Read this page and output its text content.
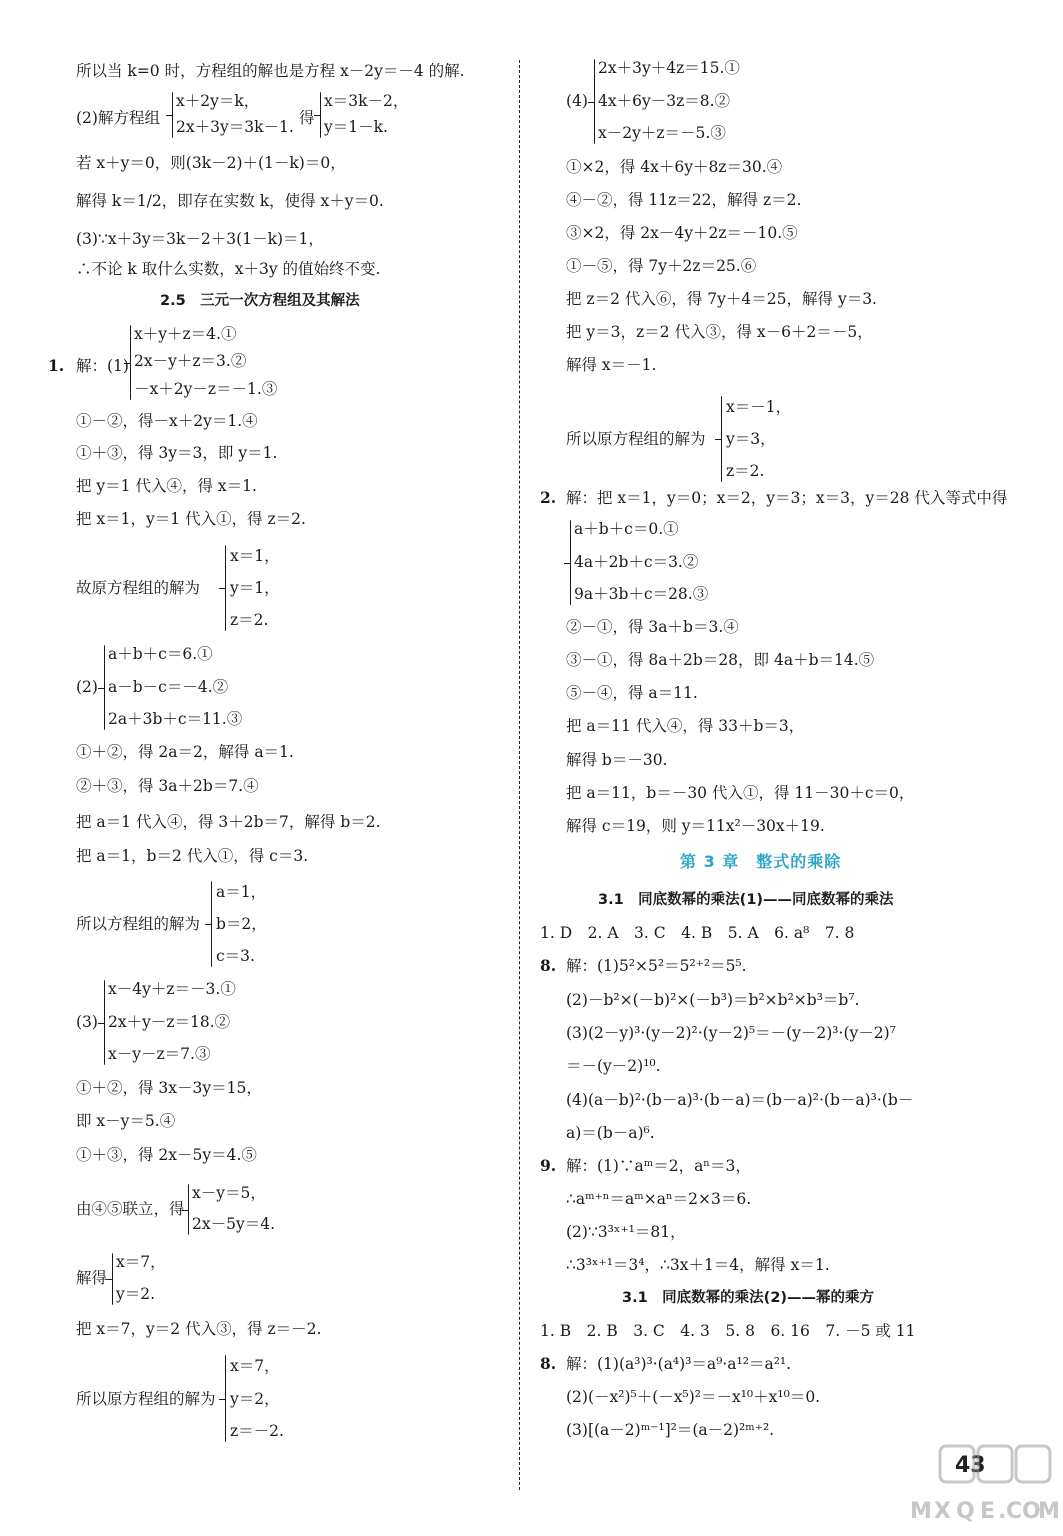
所以当 k=0 时，方程组的解也是方程 x－2y＝－4 的解.
(2)解方程组
x＋2y＝k，
2x＋3y＝3k－1. 得
x＝3k－2，
y＝1－k.
若 x＋y＝0，则(3k－2)＋(1－k)＝0，
解得 k＝1/2，即存在实数 k，使得 x＋y＝0.
(3)∵x＋3y＝3k－2＋3(1－k)＝1，
∴不论 k 取什么实数，x＋3y 的值始终不变.
2.5　三元一次方程组及其解法
1. 解：(1)
x＋y＋z＝4.①
2x－y＋z＝3.②
－x＋2y－z＝－1.③
①－②，得－x＋2y＝1.④
①＋③，得 3y＝3，即 y＝1.
把 y＝1 代入④，得 x＝1.
把 x＝1，y＝1 代入①，得 z＝2.
x＝1，
故原方程组的解为 y＝1，
z＝2.
a＋b＋c＝6.①
(2) a－b－c＝－4.②
2a＋3b＋c＝11.③
①＋②，得 2a＝2，解得 a＝1.
②＋③，得 3a＋2b＝7.④
把 a＝1 代入④，得 3＋2b＝7，解得 b＝2.
把 a＝1，b＝2 代入①，得 c＝3.
a＝1，
所以方程组的解为 b＝2，
c＝3.
x－4y＋z＝－3.①
(3) 2x＋y－z＝18.②
x－y－z＝7.③
①＋②，得 3x－3y＝15，
即 x－y＝5.④
①＋③，得 2x－5y＝4.⑤
x－y＝5，
由④⑤联立，得
2x－5y＝4.
x＝7，
解得
y＝2.
把 x＝7，y＝2 代入③，得 z＝－2.
x＝7，
所以原方程组的解为 y＝2，
z＝－2.
2x＋3y＋4z＝15.①
(4) 4x＋6y－3z＝8.②
x－2y＋z＝－5.③
①×2，得 4x＋6y＋8z＝30.④
④－②，得 11z＝22，解得 z＝2.
③×2，得 2x－4y＋2z＝－10.⑤
①－⑤，得 7y＋2z＝25.⑥
把 z＝2 代入⑥，得 7y＋4＝25，解得 y＝3.
把 y＝3，z＝2 代入③，得 x－6＋2＝－5，
解得 x＝－1.
x＝－1，
所以原方程组的解为 y＝3，
z＝2.
2. 解：把 x＝1，y＝0；x＝2，y＝3；x＝3，y＝28 代入等式中得
a＋b＋c＝0.①
4a＋2b＋c＝3.②
9a＋3b＋c＝28.③
②－①，得 3a＋b＝3.④
③－①，得 8a＋2b＝28，即 4a＋b＝14.⑤
⑤－④，得 a＝11.
把 a＝11 代入④，得 33＋b＝3，
解得 b＝－30.
把 a＝11，b＝－30 代入①，得 11－30＋c＝0，
解得 c＝19，则 y＝11x²－30x＋19.
第 3 章　整式的乘除
3.1　同底数幂的乘法(1)——同底数幂的乘法
1. D　2. A　3. C　4. B　5. A　6. a⁸　7. 8
8. 解：(1)5²×5²＝5²⁺²＝5⁵.
(2)－b²×(－b)²×(－b³)＝b²×b²×b³＝b⁷.
(3)(2－y)³·(y－2)²·(y－2)⁵＝－(y－2)³·(y－2)⁷
＝－(y－2)¹⁰.
(4)(a－b)²·(b－a)³·(b－a)＝(b－a)²·(b－a)³·(b－
a)＝(b－a)⁶.
9. 解：(1)∵aᵐ＝2，aⁿ＝3，
∴aᵐ⁺ⁿ＝aᵐ×aⁿ＝2×3＝6.
(2)∵3³ˣ⁺¹＝81，
∴3³ˣ⁺¹＝3⁴，∴3x＋1＝4，解得 x＝1.
3.1　同底数幂的乘法(2)——幂的乘方
1. B　2. B　3. C　4. 3　5. 8　6. 16　7. －5 或 11
8. 解：(1)(a³)³·(a⁴)³＝a⁹·a¹²＝a²¹.
(2)(－x²)⁵＋(－x⁵)²＝－x¹⁰＋x¹⁰＝0.
(3)[(a－2)ᵐ⁻¹]²＝(a－2)²ᵐ⁺².
43
M X Q E . C O
M
